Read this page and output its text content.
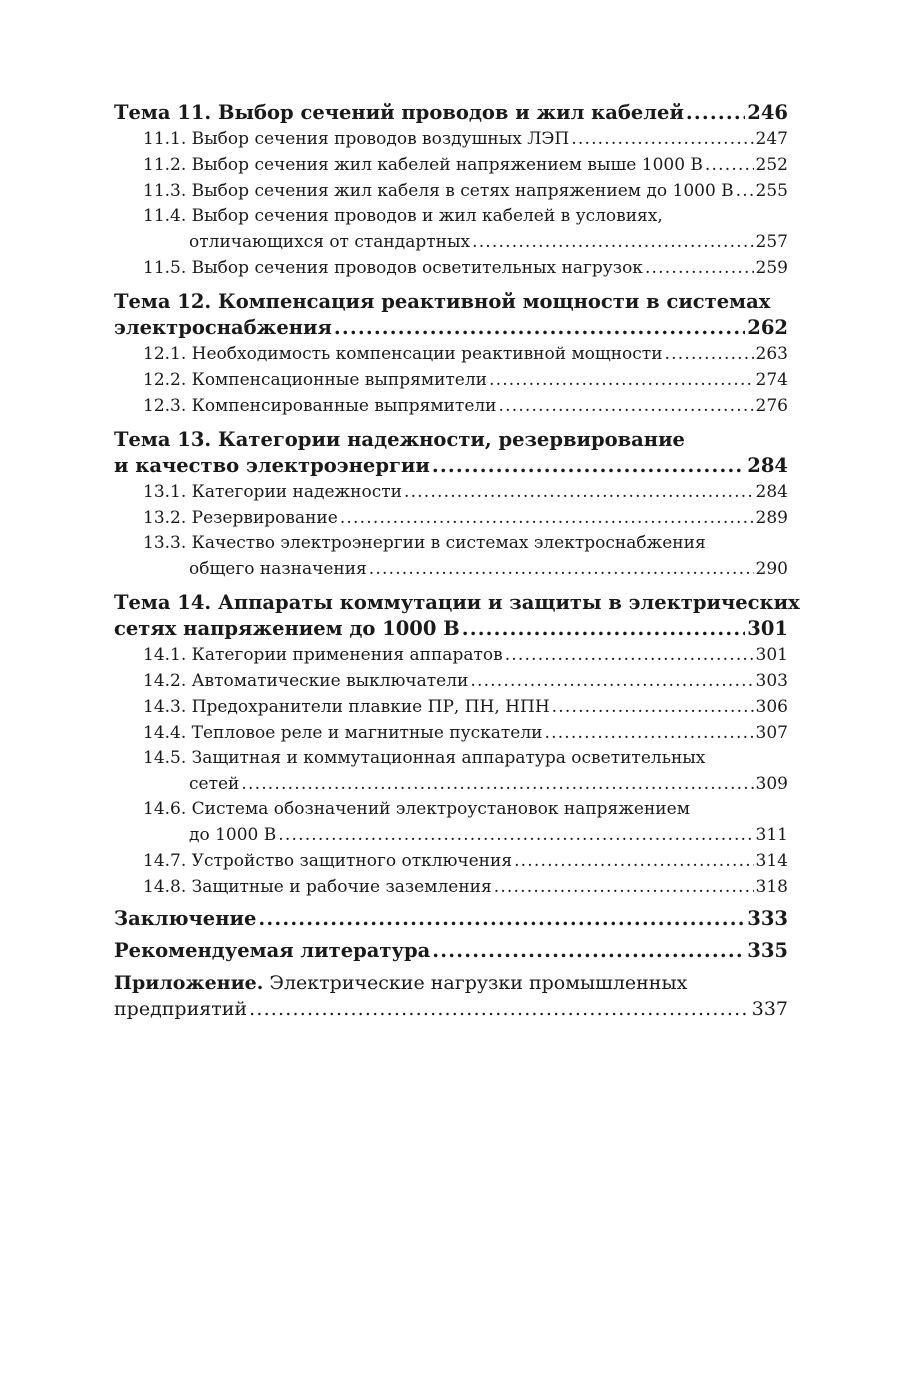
Тема 11. Выбор сечений проводов и жил кабелей .....	246
11.1. Выбор сечения проводов воздушных ЛЭП .....	247
11.2. Выбор сечения жил кабелей напряжением выше 1000 В .....	252
11.3. Выбор сечения жил кабеля в сетях напряжением до 1000 В ..... 255
11.4. Выбор сечения проводов и жил кабелей в условиях,
отличающихся от стандартных .....	257
11.5. Выбор сечения проводов осветительных нагрузок .....	259
Тема 12. Компенсация реактивной мощности в системах
электроснабжения .....	262
12.1. Необходимость компенсации реактивной мощности .....	263
12.2. Компенсационные выпрямители .....	274
12.3. Компенсированные выпрямители .....	276
Тема 13. Категории надежности, резервирование
и качество электроэнергии .....	284
13.1. Категории надежности .....	284
13.2. Резервирование .....	289
13.3. Качество электроэнергии в системах электроснабжения
общего назначения .....	290
Тема 14. Аппараты коммутации и защиты в электрических
сетях напряжением до 1000 В .....	301
14.1. Категории применения аппаратов .....	301
14.2. Автоматические выключатели .....	303
14.3. Предохранители плавкие ПР, ПН, НПН .....	306
14.4. Тепловое реле и магнитные пускатели .....	307
14.5. Защитная и коммутационная аппаратура осветительных
сетей .....	309
14.6. Система обозначений электроустановок напряжением
до 1000 В .....	311
14.7. Устройство защитного отключения .....	314
14.8. Защитные и рабочие заземления .....	318
Заключение .....	333
Рекомендуемая литература .....	335
Приложение. Электрические нагрузки промышленных
предприятий .....	337
